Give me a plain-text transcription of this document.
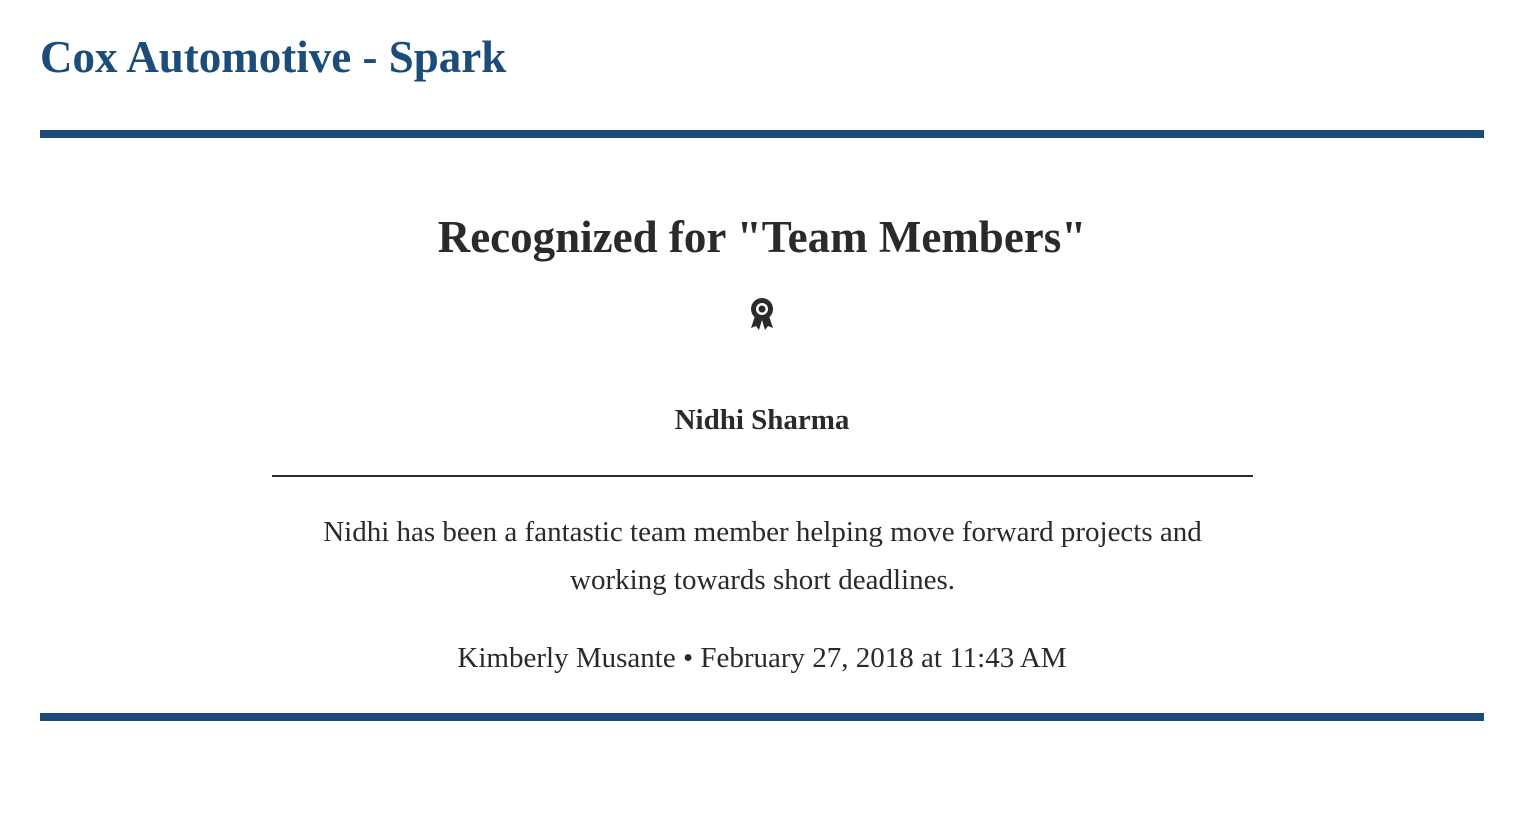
Cox Automotive - Spark
Recognized for "Team Members"
Nidhi Sharma

Nidhi has been a fantastic team member helping move forward projects and working towards short deadlines.

Kimberly Musante • February 27, 2018 at 11:43 AM
